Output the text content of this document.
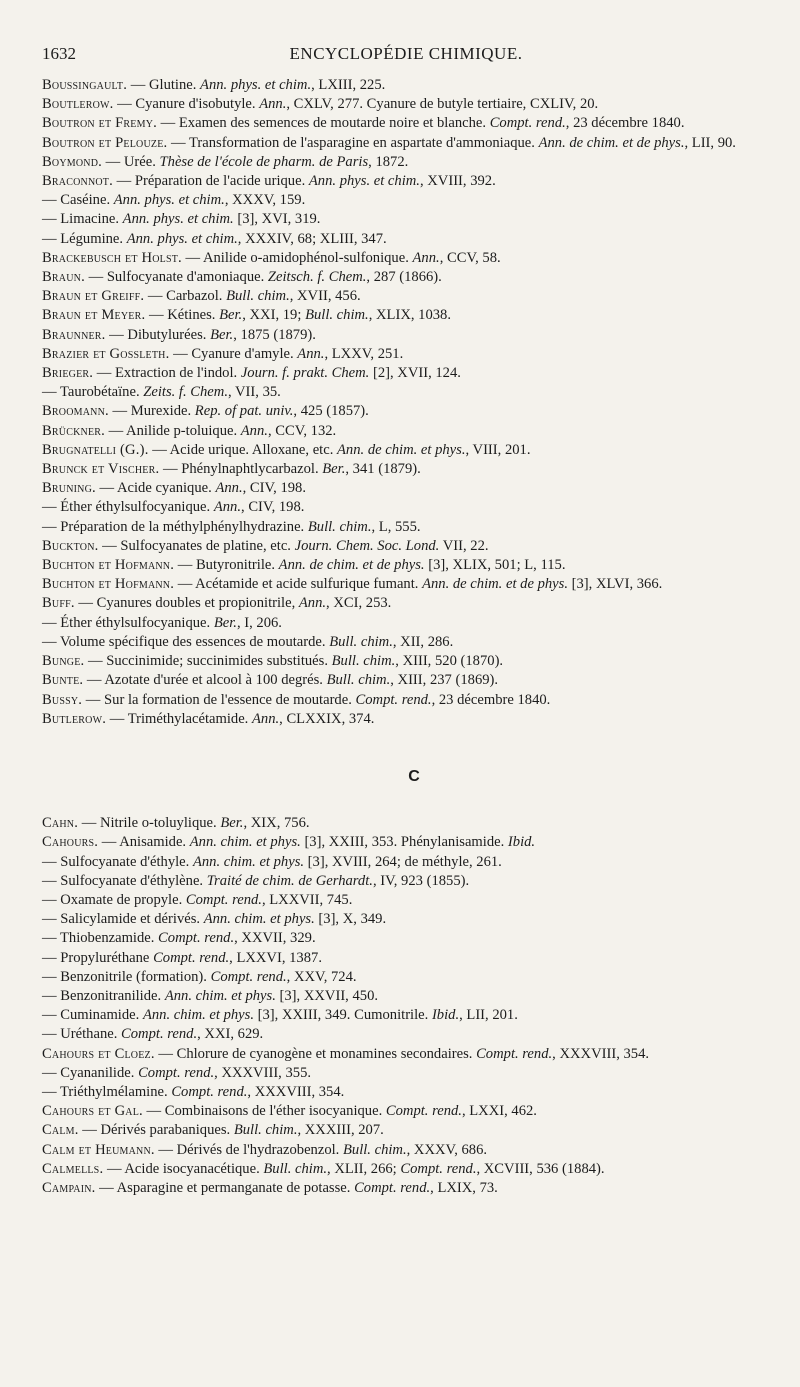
1632	ENCYCLOPÉDIE CHIMIQUE.
Boussingault. — Glutine. Ann. phys. et chim., LXIII, 225.
Boutlerow. — Cyanure d'isobutyle. Ann., CXLV, 277. Cyanure de butyle tertiaire, CXLIV, 20.
Boutron et Fremy. — Examen des semences de moutarde noire et blanche. Compt. rend., 23 décembre 1840.
Boutron et Pelouze. — Transformation de l'asparagine en aspartate d'ammoniaque. Ann. de chim. et de phys., LII, 90.
Boymond. — Urée. Thèse de l'école de pharm. de Paris, 1872.
Braconnot. — Préparation de l'acide urique. Ann. phys. et chim., XVIII, 392.
— Caséine. Ann. phys. et chim., XXXV, 159.
— Limacine. Ann. phys. et chim. [3], XVI, 319.
— Légumine. Ann. phys. et chim., XXXIV, 68; XLIII, 347.
Brackebusch et Holst. — Anilide o-amidophénol-sulfonique. Ann., CCV, 58.
Braun. — Sulfocyanate d'amoniaque. Zeitsch. f. Chem., 287 (1866).
Braun et Greiff. — Carbazol. Bull. chim., XVII, 456.
Braun et Meyer. — Kétines. Ber., XXI, 19; Bull. chim., XLIX, 1038.
Braunner. — Dibutylurées. Ber., 1875 (1879).
Brazier et Gossleth. — Cyanure d'amyle. Ann., LXXV, 251.
Brieger. — Extraction de l'indol. Journ. f. prakt. Chem. [2], XVII, 124.
— Taurobétaïne. Zeits. f. Chem., VII, 35.
Broomann. — Murexide. Rep. of pat. univ., 425 (1857).
Brückner. — Anilide p-toluique. Ann., CCV, 132.
Brugnatelli (G.). — Acide urique. Alloxane, etc. Ann. de chim. et phys., VIII, 201.
Brunck et Vischer. — Phénylnaphtlycarbazol. Ber., 341 (1879).
Bruning. — Acide cyanique. Ann., CIV, 198.
— Éther éthylsulfocyanique. Ann., CIV, 198.
— Préparation de la méthylphénylhydrazine. Bull. chim., L, 555.
Buckton. — Sulfocyanates de platine, etc. Journ. Chem. Soc. Lond. VII, 22.
Buchton et Hofmann. — Butyronitrile. Ann. de chim. et de phys. [3], XLIX, 501; L, 115.
Buchton et Hofmann. — Acétamide et acide sulfurique fumant. Ann. de chim. et de phys. [3], XLVI, 366.
Buff. — Cyanures doubles et propionitrile, Ann., XCI, 253.
— Éther éthylsulfocyanique. Ber., I, 206.
— Volume spécifique des essences de moutarde. Bull. chim., XII, 286.
Bunge. — Succinimide; succinimides substitués. Bull. chim., XIII, 520 (1870).
Bunte. — Azotate d'urée et alcool à 100 degrés. Bull. chim., XIII, 237 (1869).
Bussy. — Sur la formation de l'essence de moutarde. Compt. rend., 23 décembre 1840.
Butlerow. — Triméthylacétamide. Ann., CLXXIX, 374.
C
Cahn. — Nitrile o-toluylique. Ber., XIX, 756.
Cahours. — Anisamide. Ann. chim. et phys. [3], XXIII, 353. Phénylanisamide. Ibid.
— Sulfocyanate d'éthyle. Ann. chim. et phys. [3], XVIII, 264; de méthyle, 261.
— Sulfocyanate d'éthylène. Traité de chim. de Gerhardt., IV, 923 (1855).
— Oxamate de propyle. Compt. rend., LXXVII, 745.
— Salicylamide et dérivés. Ann. chim. et phys. [3], X, 349.
— Thiobenzamide. Compt. rend., XXVII, 329.
— Propyluréthane Compt. rend., LXXVI, 1387.
— Benzonitrile (formation). Compt. rend., XXV, 724.
— Benzonitranilide. Ann. chim. et phys. [3], XXVII, 450.
— Cuminamide. Ann. chim. et phys. [3], XXIII, 349. Cumonitrile. Ibid., LII, 201.
— Uréthane. Compt. rend., XXI, 629.
Cahours et Cloez. — Chlorure de cyanogène et monamines secondaires. Compt. rend., XXXVIII, 354.
— Cyananilide. Compt. rend., XXXVIII, 355.
— Triéthylmélamine. Compt. rend., XXXVIII, 354.
Cahours et Gal. — Combinaisons de l'éther isocyanique. Compt. rend., LXXI, 462.
Calm. — Dérivés parabaniques. Bull. chim., XXXIII, 207.
Calm et Heumann. — Dérivés de l'hydrazobenzol. Bull. chim., XXXV, 686.
Calmells. — Acide isocyanacétique. Bull. chim., XLII, 266; Compt. rend., XCVIII, 536 (1884).
Campain. — Asparagine et permanganate de potasse. Compt. rend., LXIX, 73.
